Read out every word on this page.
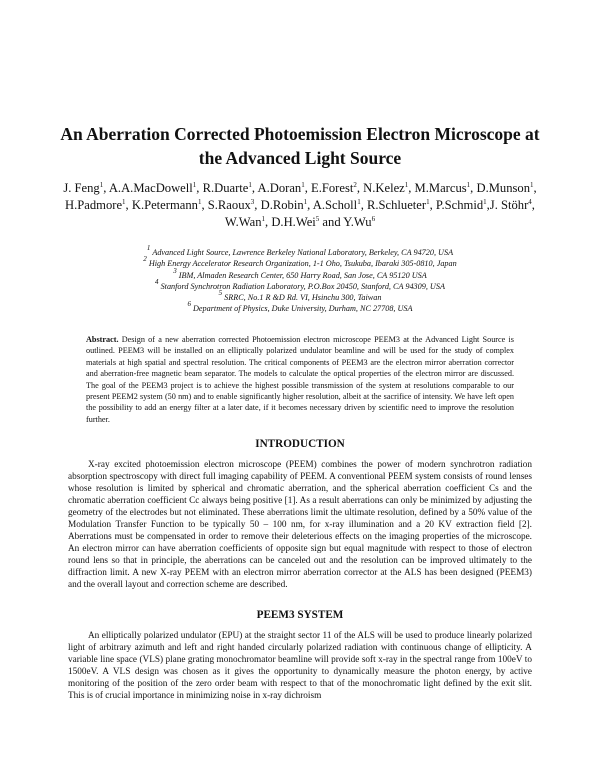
An Aberration Corrected Photoemission Electron Microscope at the Advanced Light Source
J. Feng$^1$, A.A.MacDowell$^1$, R.Duarte$^1$, A.Doran$^1$, E.Forest$^2$, N.Kelez$^1$, M.Marcus$^1$, D.Munson$^1$, H.Padmore$^1$, K.Petermann$^1$, S.Raoux$^3$, D.Robin$^1$, A.Scholl$^1$, R.Schlueter$^1$, P.Schmid$^1$,J. Stöhr$^4$, W.Wan$^1$, D.H.Wei$^5$ and Y.Wu$^6$
$^1$ Advanced Light Source, Lawrence Berkeley National Laboratory, Berkeley, CA 94720, USA
$^2$ High Energy Accelerator Research Organization, 1-1 Oho, Tsukuba, Ibaraki 305-0810, Japan
$^3$ IBM, Almaden Research Center, 650 Harry Road, San Jose, CA 95120 USA
$^4$ Stanford Synchrotron Radiation Laboratory, P.O.Box 20450, Stanford, CA 94309, USA
$^5$ SRRC, No.1 R &D Rd. VI, Hsinchu 300, Taiwan
$^6$ Department of Physics, Duke University, Durham, NC 27708, USA
Abstract. Design of a new aberration corrected Photoemission electron microscope PEEM3 at the Advanced Light Source is outlined. PEEM3 will be installed on an elliptically polarized undulator beamline and will be used for the study of complex materials at high spatial and spectral resolution. The critical components of PEEM3 are the electron mirror aberration corrector and aberration-free magnetic beam separator. The models to calculate the optical properties of the electron mirror are discussed. The goal of the PEEM3 project is to achieve the highest possible transmission of the system at resolutions comparable to our present PEEM2 system (50 nm) and to enable significantly higher resolution, albeit at the sacrifice of intensity. We have left open the possibility to add an energy filter at a later date, if it becomes necessary driven by scientific need to improve the resolution further.
INTRODUCTION
X-ray excited photoemission electron microscope (PEEM) combines the power of modern synchrotron radiation absorption spectroscopy with direct full imaging capability of PEEM. A conventional PEEM system consists of round lenses whose resolution is limited by spherical and chromatic aberration, and the spherical aberration coefficient Cs and the chromatic aberration coefficient Cc always being positive [1]. As a result aberrations can only be minimized by adjusting the geometry of the electrodes but not eliminated. These aberrations limit the ultimate resolution, defined by a 50% value of the Modulation Transfer Function to be typically 50 – 100 nm, for x-ray illumination and a 20 KV extraction field [2]. Aberrations must be compensated in order to remove their deleterious effects on the imaging properties of the microscope. An electron mirror can have aberration coefficients of opposite sign but equal magnitude with respect to those of electron round lens so that in principle, the aberrations can be canceled out and the resolution can be improved ultimately to the diffraction limit. A new X-ray PEEM with an electron mirror aberration corrector at the ALS has been designed (PEEM3) and the overall layout and correction scheme are described.
PEEM3 SYSTEM
An elliptically polarized undulator (EPU) at the straight sector 11 of the ALS will be used to produce linearly polarized light of arbitrary azimuth and left and right handed circularly polarized radiation with continuous change of ellipticity. A variable line space (VLS) plane grating monochromator beamline will provide soft x-ray in the spectral range from 100eV to 1500eV. A VLS design was chosen as it gives the opportunity to dynamically measure the photon energy, by active monitoring of the position of the zero order beam with respect to that of the monochromatic light defined by the exit slit. This is of crucial importance in minimizing noise in x-ray dichroism
